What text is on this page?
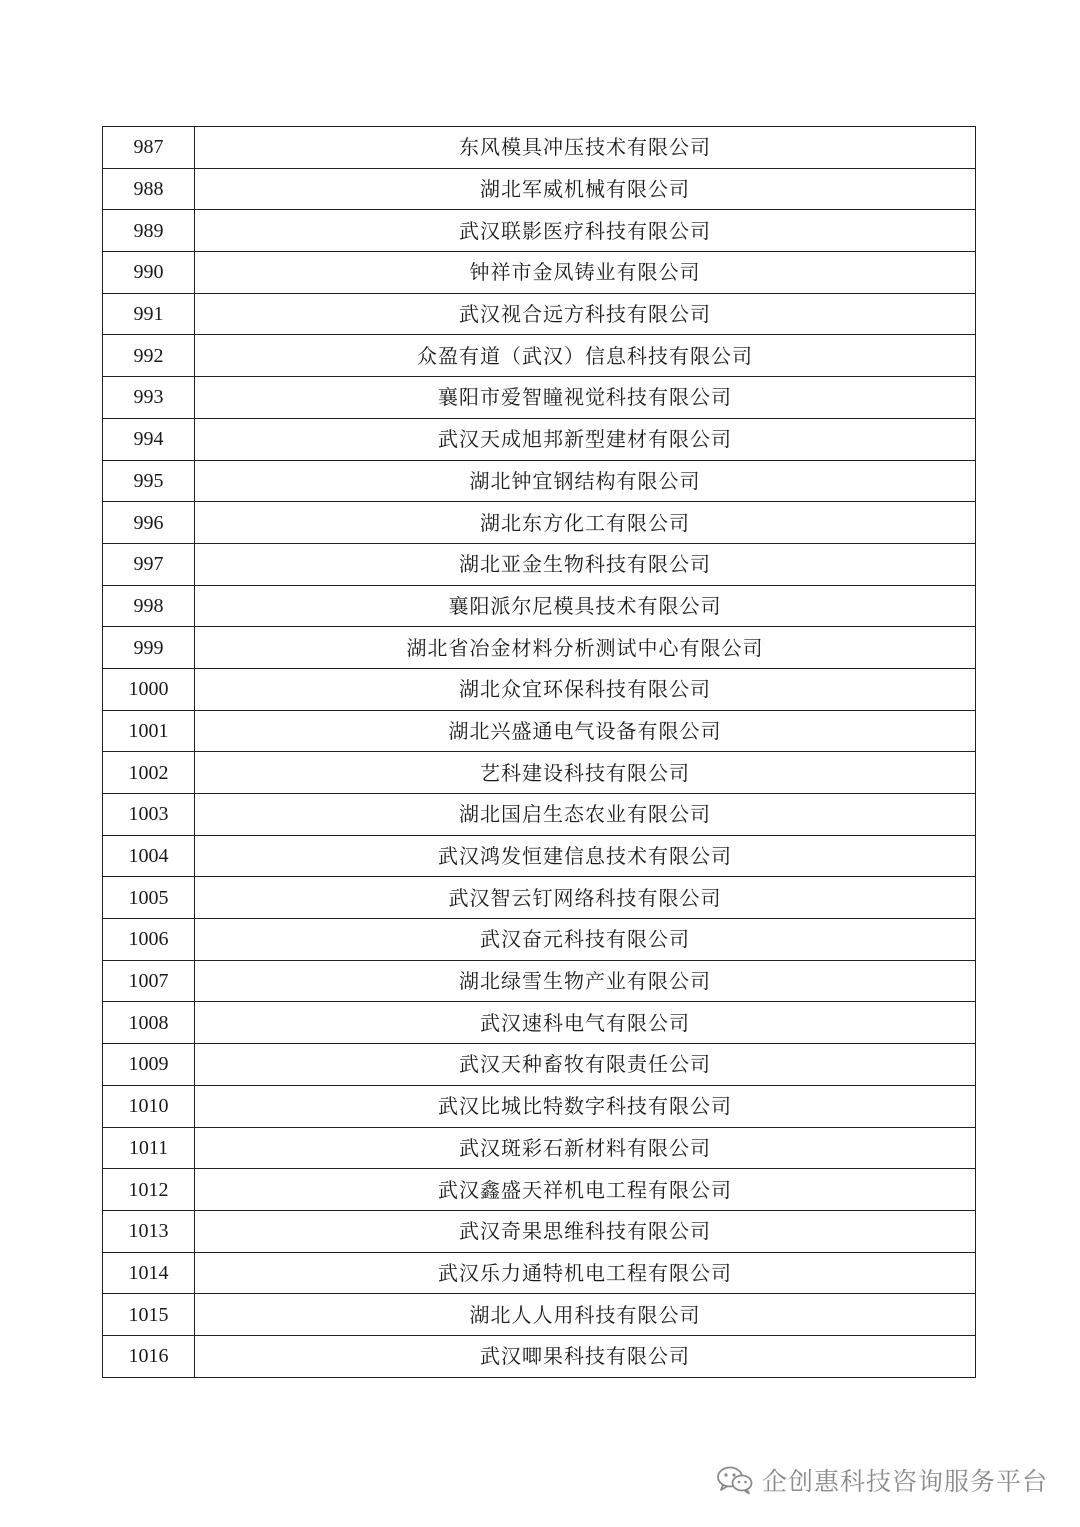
987	东风模具冲压技术有限公司
988	湖北军威机械有限公司
989	武汉联影医疗科技有限公司
990	钟祥市金凤铸业有限公司
991	武汉视合远方科技有限公司
992	众盈有道（武汉）信息科技有限公司
993	襄阳市爱智瞳视觉科技有限公司
994	武汉天成旭邦新型建材有限公司
995	湖北钟宜钢结构有限公司
996	湖北东方化工有限公司
997	湖北亚金生物科技有限公司
998	襄阳派尔尼模具技术有限公司
999	湖北省冶金材料分析测试中心有限公司
1000	湖北众宜环保科技有限公司
1001	湖北兴盛通电气设备有限公司
1002	艺科建设科技有限公司
1003	湖北国启生态农业有限公司
1004	武汉鸿发恒建信息技术有限公司
1005	武汉智云钉网络科技有限公司
1006	武汉奋元科技有限公司
1007	湖北绿雪生物产业有限公司
1008	武汉速科电气有限公司
1009	武汉天种畜牧有限责任公司
1010	武汉比城比特数字科技有限公司
1011	武汉斑彩石新材料有限公司
1012	武汉鑫盛天祥机电工程有限公司
1013	武汉奇果思维科技有限公司
1014	武汉乐力通特机电工程有限公司
1015	湖北人人用科技有限公司
1016	武汉唧果科技有限公司
企创惠科技咨询服务平台
